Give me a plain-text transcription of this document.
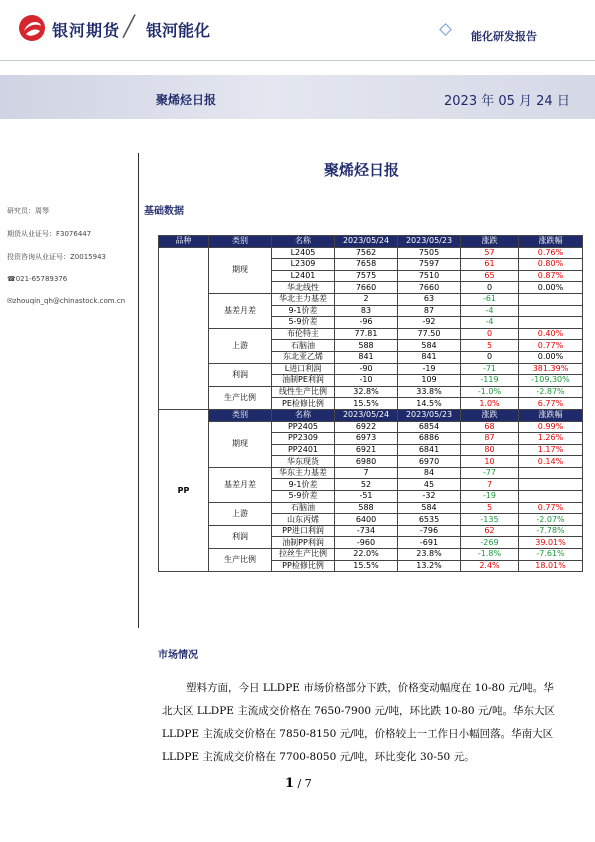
银河期货 ╱ 银河能化	能化研发报告
聚烯烃日报	2023 年 05 月 24 日
聚烯烃日报
研究员：周琴
期货从业证号：F3076447
投资咨询从业证号：Z0015943
☎021-65789376
✉zhouqin_qh@chinastock.com.cn
基础数据
品种	类别	名称	2023/05/24	2023/05/23	涨跌	涨跌幅
	期现	L2405	7562	7505	57	0.76%
		L2309	7658	7597	61	0.80%
		L2401	7575	7510	65	0.87%
		华北线性	7660	7660	0	0.00%
	基差月差	华北主力基差	2	63	-61	
		9-1价差	83	87	-4	
		5-9价差	-96	-92	-4	
	上游	布伦特主	77.81	77.50	0	0.40%
		石脑油	588	584	5	0.77%
		东北亚乙烯	841	841	0	0.00%
	利润	L进口利润	-90	-19	-71	381.39%
		油制PE利润	-10	109	-119	-109.30%
	生产比例	线性生产比例	32.8%	33.8%	-1.0%	-2.87%
		PE检修比例	15.5%	14.5%	1.0%	6.77%
PP	类别	名称	2023/05/24	2023/05/23	涨跌	涨跌幅
	期现	PP2405	6922	6854	68	0.99%
		PP2309	6973	6886	87	1.26%
		PP2401	6921	6841	80	1.17%
		华东现货	6980	6970	10	0.14%
	基差月差	华东主力基差	7	84	-77	
		9-1价差	52	45	7	
		5-9价差	-51	-32	-19	
	上游	石脑油	588	584	5	0.77%
		山东丙烯	6400	6535	-135	-2.07%
	利润	PP进口利润	-734	-796	62	-7.78%
		油制PP利润	-960	-691	-269	39.01%
	生产比例	拉丝生产比例	22.0%	23.8%	-1.8%	-7.61%
		PP检修比例	15.5%	13.2%	2.4%	18.01%
市场情况
塑料方面，今日 LLDPE 市场价格部分下跌，价格变动幅度在 10-80 元/吨。华
北大区 LLDPE 主流成交价格在 7650-7900 元/吨，环比跌 10-80 元/吨。华东大区
LLDPE 主流成交价格在 7850-8150 元/吨，价格较上一工作日小幅回落。华南大区
LLDPE 主流成交价格在 7700-8050 元/吨，环比变化 30-50 元。
1 / 7
